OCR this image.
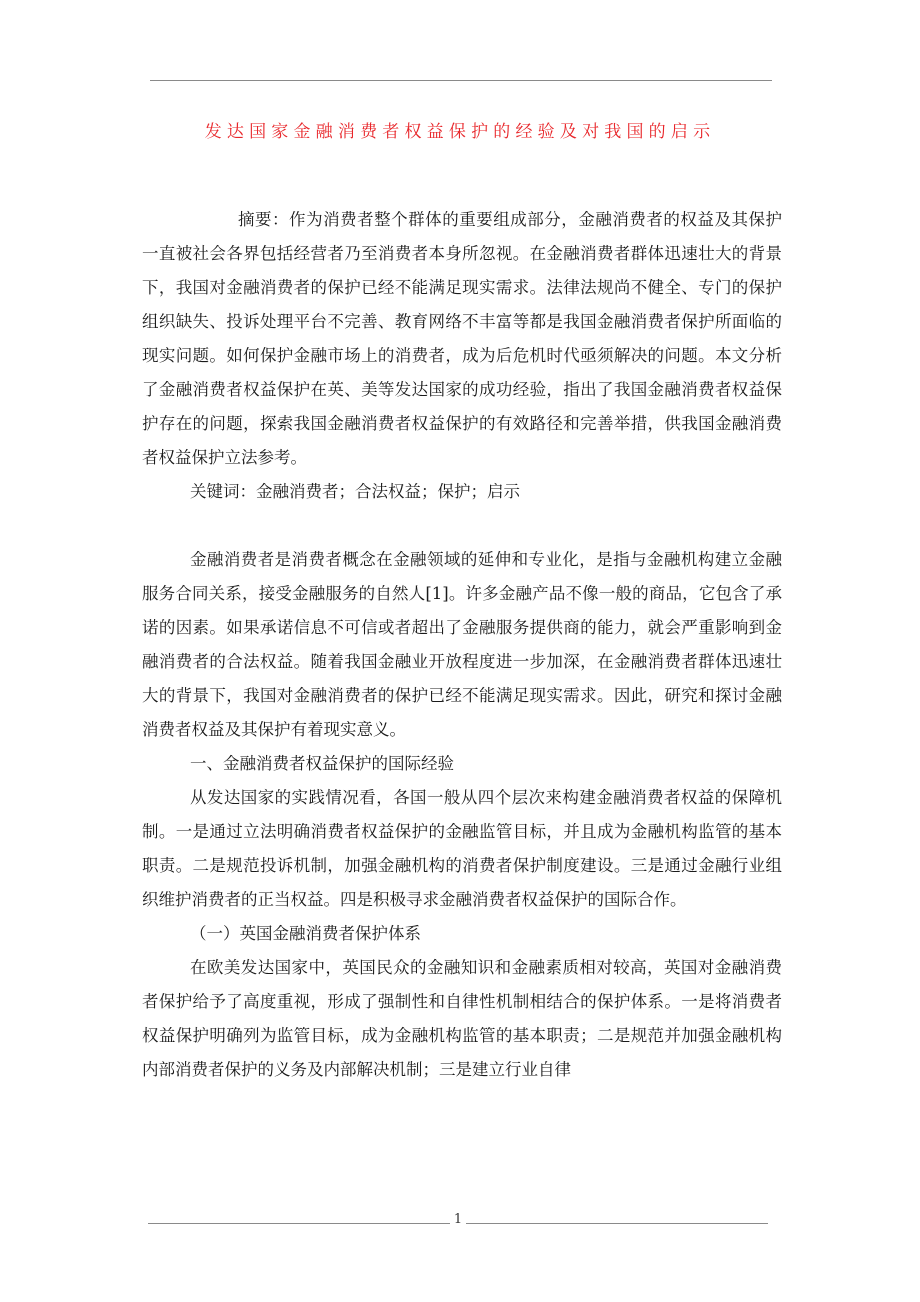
发达国家金融消费者权益保护的经验及对我国的启示

摘要：作为消费者整个群体的重要组成部分，金融消费者的权益及其保护一直被社会各界包括经营者乃至消费者本身所忽视。在金融消费者群体迅速壮大的背景下，我国对金融消费者的保护已经不能满足现实需求。法律法规尚不健全、专门的保护组织缺失、投诉处理平台不完善、教育网络不丰富等都是我国金融消费者保护所面临的现实问题。如何保护金融市场上的消费者，成为后危机时代亟须解决的问题。本文分析了金融消费者权益保护在英、美等发达国家的成功经验，指出了我国金融消费者权益保护存在的问题，探索我国金融消费者权益保护的有效路径和完善举措，供我国金融消费者权益保护立法参考。

关键词：金融消费者；合法权益；保护；启示

金融消费者是消费者概念在金融领域的延伸和专业化，是指与金融机构建立金融服务合同关系，接受金融服务的自然人[1]。许多金融产品不像一般的商品，它包含了承诺的因素。如果承诺信息不可信或者超出了金融服务提供商的能力，就会严重影响到金融消费者的合法权益。随着我国金融业开放程度进一步加深，在金融消费者群体迅速壮大的背景下，我国对金融消费者的保护已经不能满足现实需求。因此，研究和探讨金融消费者权益及其保护有着现实意义。

一、金融消费者权益保护的国际经验

从发达国家的实践情况看，各国一般从四个层次来构建金融消费者权益的保障机制。一是通过立法明确消费者权益保护的金融监管目标，并且成为金融机构监管的基本职责。二是规范投诉机制，加强金融机构的消费者保护制度建设。三是通过金融行业组织维护消费者的正当权益。四是积极寻求金融消费者权益保护的国际合作。

（一）英国金融消费者保护体系

在欧美发达国家中，英国民众的金融知识和金融素质相对较高，英国对金融消费者保护给予了高度重视，形成了强制性和自律性机制相结合的保护体系。一是将消费者权益保护明确列为监管目标，成为金融机构监管的基本职责；二是规范并加强金融机构内部消费者保护的义务及内部解决机制；三是建立行业自律

1
